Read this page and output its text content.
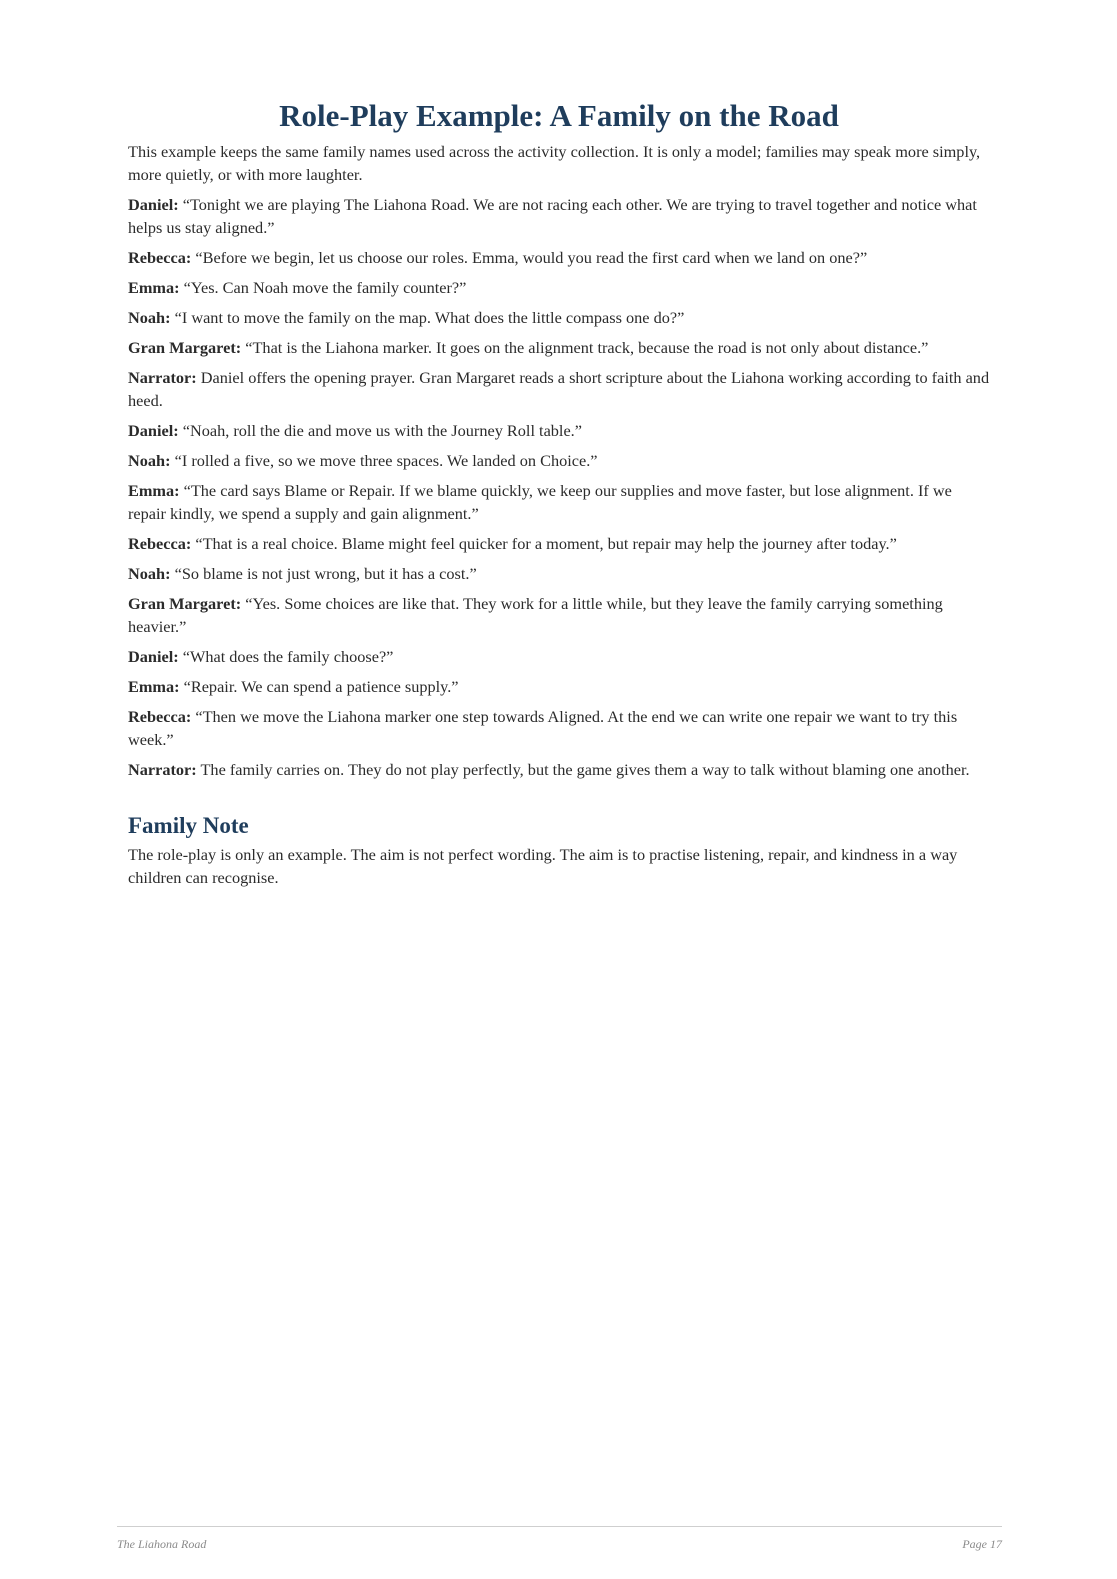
Role-Play Example: A Family on the Road

This example keeps the same family names used across the activity collection. It is only a model; families may speak more simply, more quietly, or with more laughter.

Daniel: “Tonight we are playing The Liahona Road. We are not racing each other. We are trying to travel together and notice what helps us stay aligned.”

Rebecca: “Before we begin, let us choose our roles. Emma, would you read the first card when we land on one?”

Emma: “Yes. Can Noah move the family counter?”

Noah: “I want to move the family on the map. What does the little compass one do?”

Gran Margaret: “That is the Liahona marker. It goes on the alignment track, because the road is not only about distance.”

Narrator: Daniel offers the opening prayer. Gran Margaret reads a short scripture about the Liahona working according to faith and heed.

Daniel: “Noah, roll the die and move us with the Journey Roll table.”

Noah: “I rolled a five, so we move three spaces. We landed on Choice.”

Emma: “The card says Blame or Repair. If we blame quickly, we keep our supplies and move faster, but lose alignment. If we repair kindly, we spend a supply and gain alignment.”

Rebecca: “That is a real choice. Blame might feel quicker for a moment, but repair may help the journey after today.”

Noah: “So blame is not just wrong, but it has a cost.”

Gran Margaret: “Yes. Some choices are like that. They work for a little while, but they leave the family carrying something heavier.”

Daniel: “What does the family choose?”

Emma: “Repair. We can spend a patience supply.”

Rebecca: “Then we move the Liahona marker one step towards Aligned. At the end we can write one repair we want to try this week.”

Narrator: The family carries on. They do not play perfectly, but the game gives them a way to talk without blaming one another.

Family Note

The role-play is only an example. The aim is not perfect wording. The aim is to practise listening, repair, and kindness in a way children can recognise.

The Liahona Road	Page 17
